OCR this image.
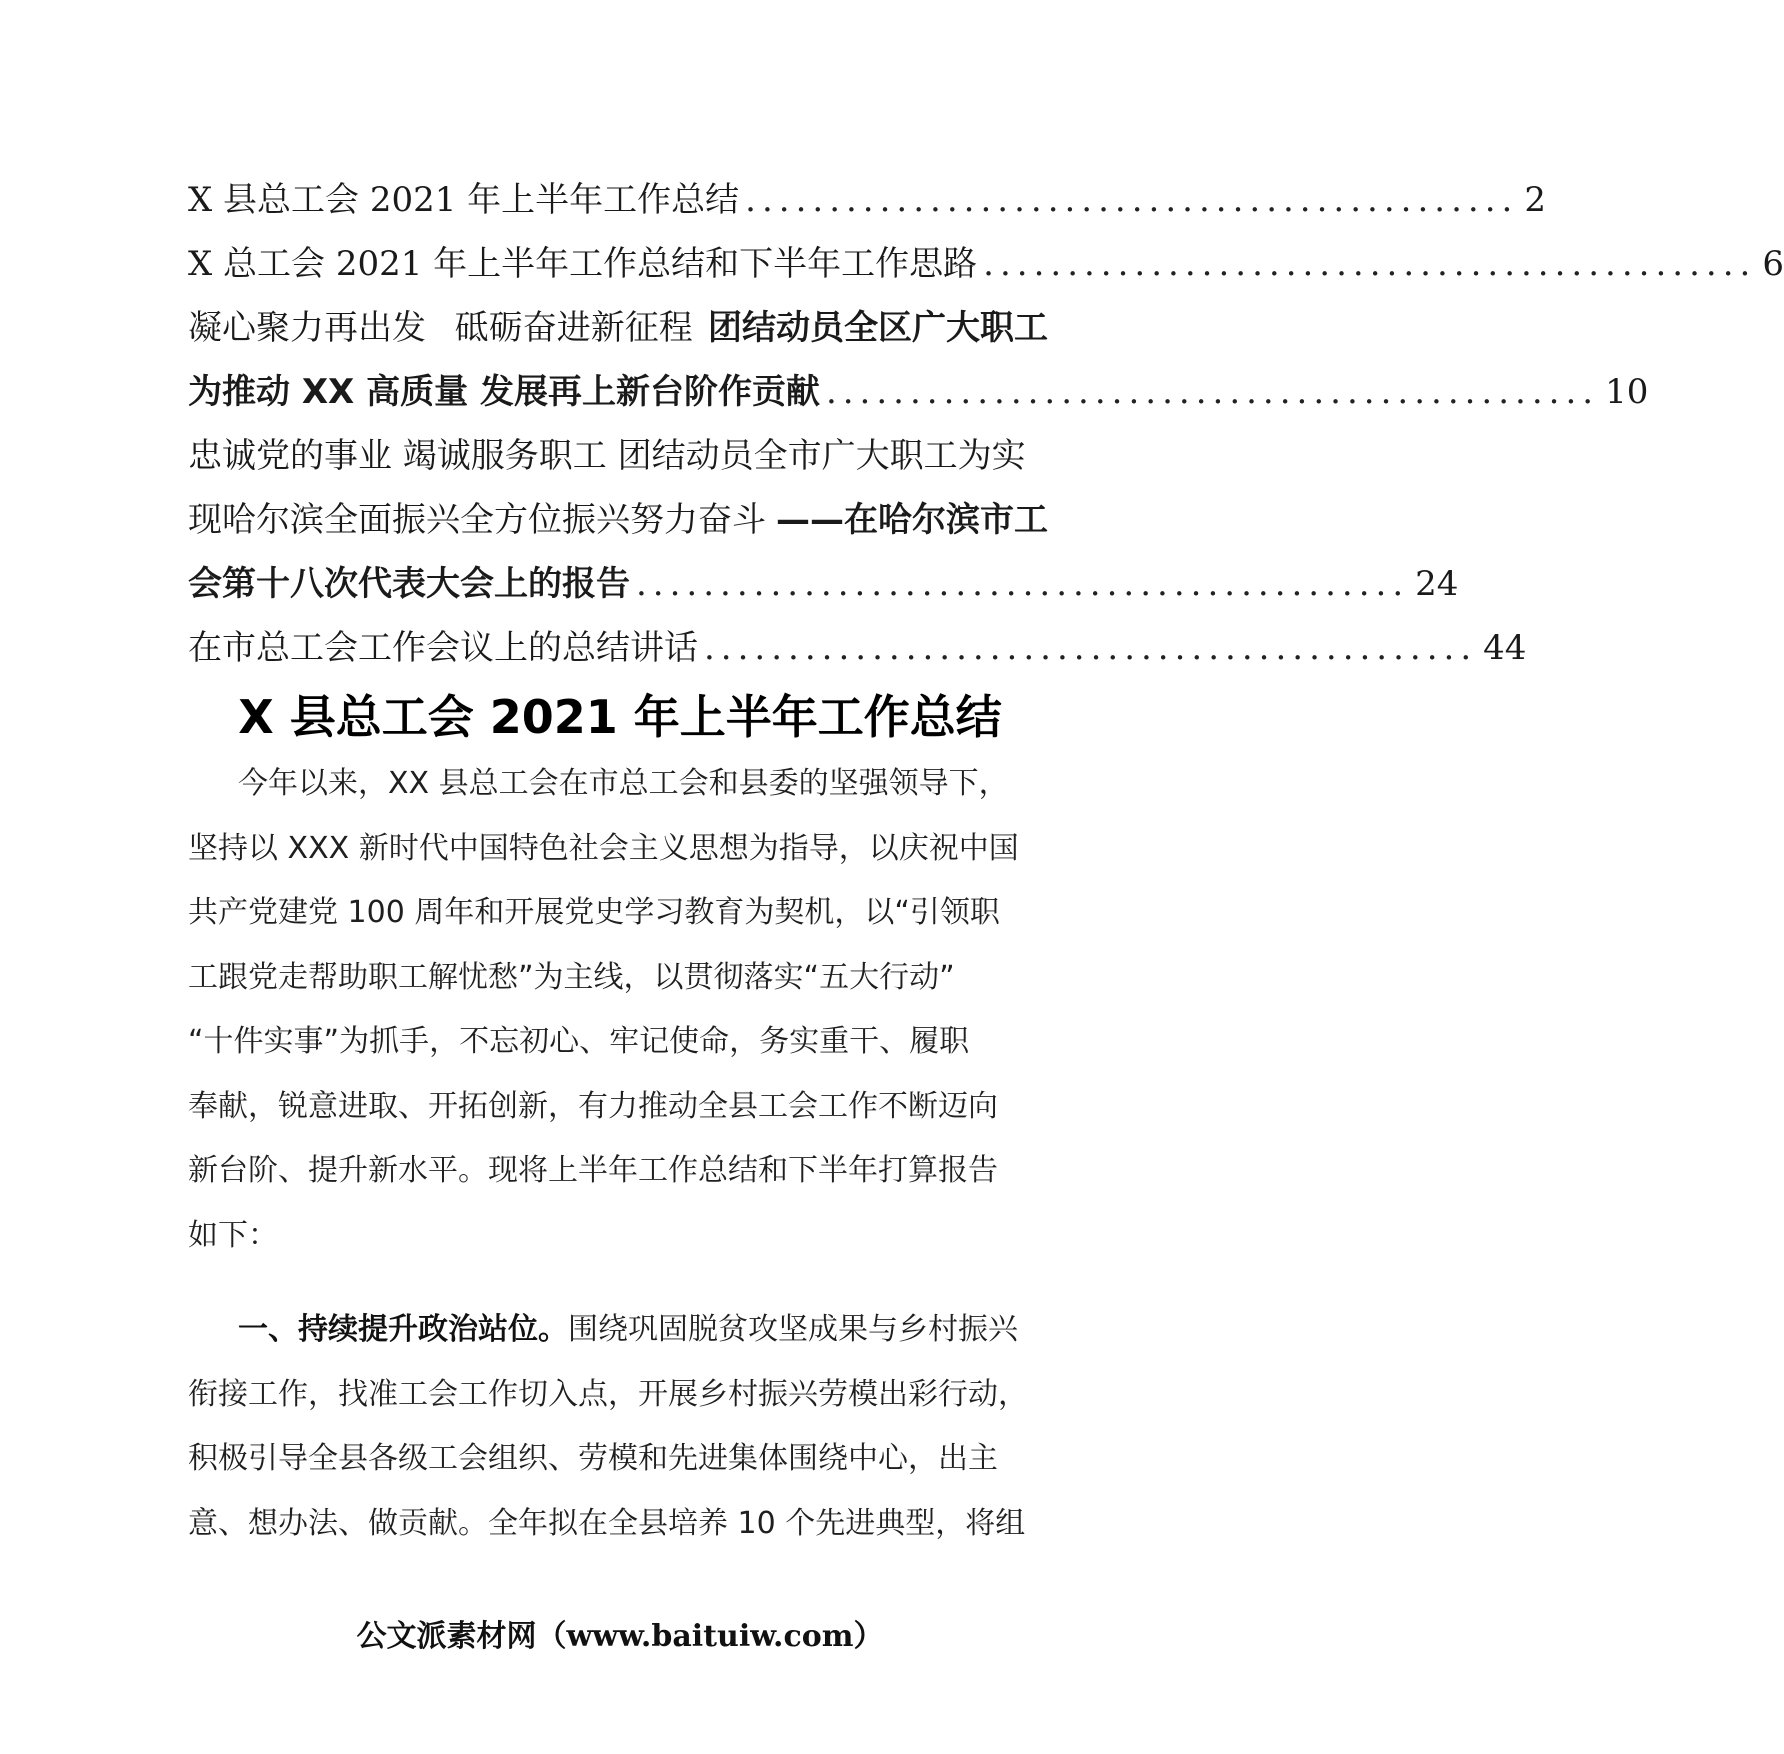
X 县总工会 2021 年上半年工作总结 .............................................. 2
X 总工会 2021 年上半年工作总结和下半年工作思路 .............................................. 6
凝心聚力再出发 砥砺奋进新征程 团结动员全区广大职工
为推动 XX 高质量 发展再上新台阶作贡献 .............................................. 10
忠诚党的事业 竭诚服务职工 团结动员全市广大职工为实
现哈尔滨全面振兴全方位振兴努力奋斗 ——在哈尔滨市工
会第十八次代表大会上的报告 .............................................. 24
在市总工会工作会议上的总结讲话 .............................................. 44
X 县总工会 2021 年上半年工作总结
今年以来，XX 县总工会在市总工会和县委的坚强领导下，
坚持以 XXX 新时代中国特色社会主义思想为指导，以庆祝中国
共产党建党 100 周年和开展党史学习教育为契机，以“引领职
工跟党走帮助职工解忧愁”为主线，以贯彻落实“五大行动”
“十件实事”为抓手，不忘初心、牢记使命，务实重干、履职
奉献，锐意进取、开拓创新，有力推动全县工会工作不断迈向
新台阶、提升新水平。现将上半年工作总结和下半年打算报告
如下：
一、持续提升政治站位。围绕巩固脱贫攻坚成果与乡村振兴
衔接工作，找准工会工作切入点，开展乡村振兴劳模出彩行动，
积极引导全县各级工会组织、劳模和先进集体围绕中心，出主
意、想办法、做贡献。全年拟在全县培养 10 个先进典型，将组
公文派素材网（www.baituiw.com）
